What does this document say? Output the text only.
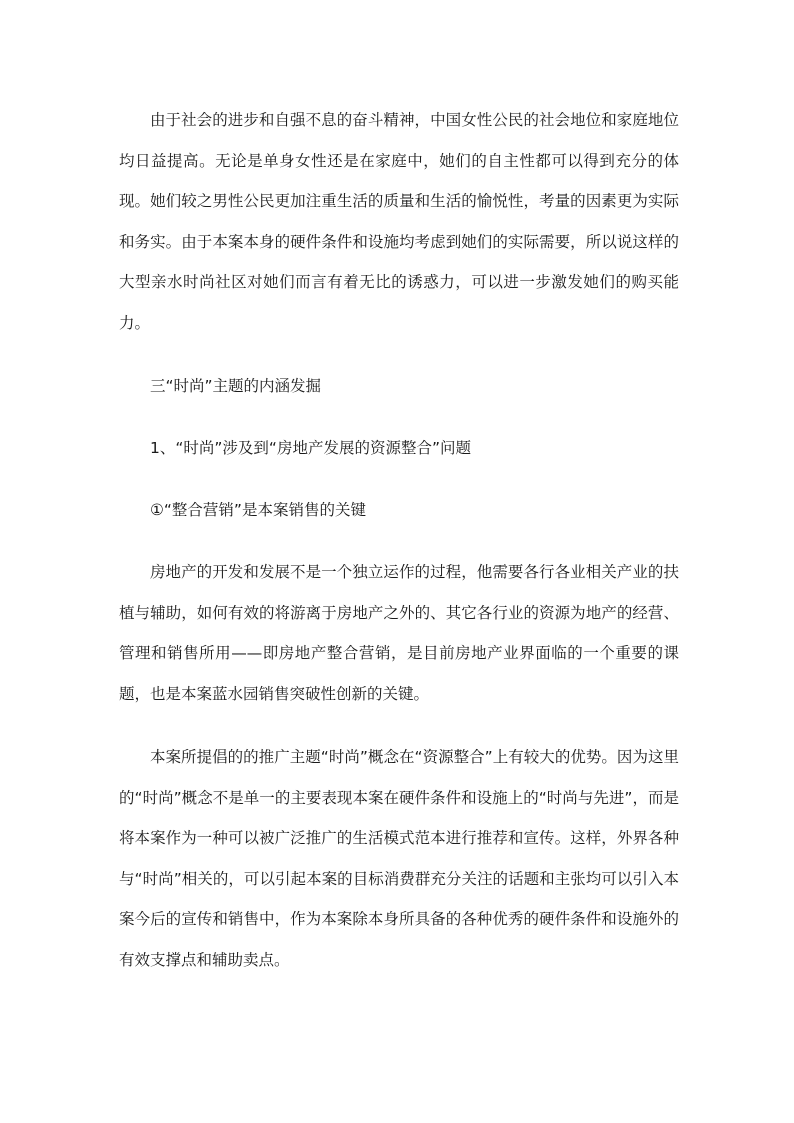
由于社会的进步和自强不息的奋斗精神，中国女性公民的社会地位和家庭地位均日益提高。无论是单身女性还是在家庭中，她们的自主性都可以得到充分的体现。她们较之男性公民更加注重生活的质量和生活的愉悦性，考量的因素更为实际和务实。由于本案本身的硬件条件和设施均考虑到她们的实际需要，所以说这样的大型亲水时尚社区对她们而言有着无比的诱惑力，可以进一步激发她们的购买能力。

三“时尚”主题的内涵发掘

1、“时尚”涉及到“房地产发展的资源整合”问题

①“整合营销”是本案销售的关键

房地产的开发和发展不是一个独立运作的过程，他需要各行各业相关产业的扶植与辅助，如何有效的将游离于房地产之外的、其它各行业的资源为地产的经营、管理和销售所用——即房地产整合营销，是目前房地产业界面临的一个重要的课题，也是本案蓝水园销售突破性创新的关键。

本案所提倡的的推广主题“时尚”概念在“资源整合”上有较大的优势。因为这里的“时尚”概念不是单一的主要表现本案在硬件条件和设施上的“时尚与先进”，而是将本案作为一种可以被广泛推广的生活模式范本进行推荐和宣传。这样，外界各种与“时尚”相关的，可以引起本案的目标消费群充分关注的话题和主张均可以引入本案今后的宣传和销售中，作为本案除本身所具备的各种优秀的硬件条件和设施外的有效支撑点和辅助卖点。
